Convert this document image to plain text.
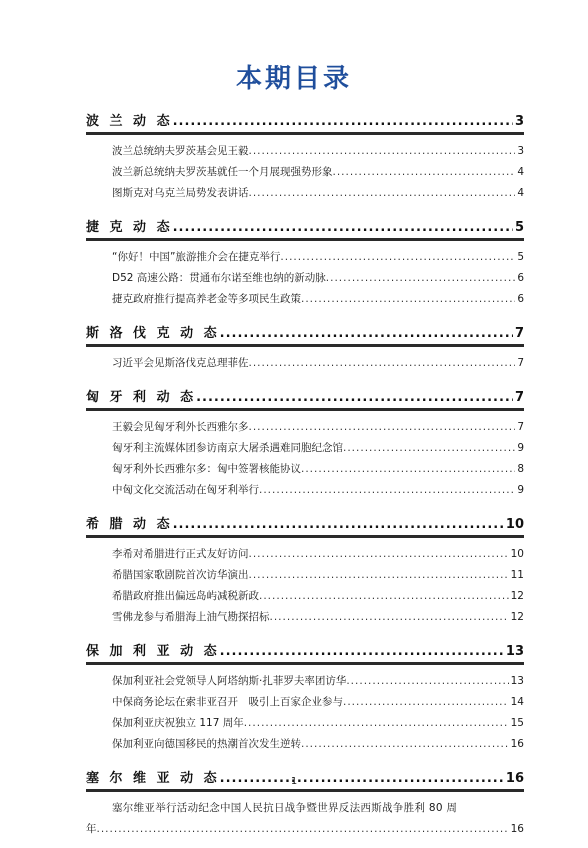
本期目录
波 兰 动 态 .....	3
波兰总统纳夫罗茨基会见王毅 .....	3
波兰新总统纳夫罗茨基就任一个月展现强势形象 .....	4
图斯克对乌克兰局势发表讲话 .....	4
捷 克 动 态 .....	5
“你好！中国”旅游推介会在捷克举行 .....	5
D52 高速公路：贯通布尔诺至维也纳的新动脉 .....	6
捷克政府推行提高养老金等多项民生政策 .....	6
斯 洛 伐 克 动 态 .....	7
习近平会见斯洛伐克总理菲佐 .....	7
匈 牙 利 动 态 .....	7
王毅会见匈牙利外长西雅尔多 .....	7
匈牙利主流媒体团参访南京大屠杀遇难同胞纪念馆 .....	9
匈牙利外长西雅尔多：匈中签署核能协议 .....	8
中匈文化交流活动在匈牙利举行 .....	9
希 腊 动 态 .....	10
李希对希腊进行正式友好访问 .....	10
希腊国家歌剧院首次访华演出 .....	11
希腊政府推出偏远岛屿减税新政 .....	12
雪佛龙参与希腊海上油气勘探招标 .....	12
保 加 利 亚 动 态 .....	13
保加利亚社会党领导人阿塔纳斯·扎菲罗夫率团访华 .....	13
中保商务论坛在索非亚召开　吸引上百家企业参与 .....	14
保加利亚庆祝独立 117 周年 .....	15
保加利亚向德国移民的热潮首次发生逆转 .....	16
塞 尔 维 亚 动 态 .....	16
塞尔维亚举行活动纪念中国人民抗日战争暨世界反法西斯战争胜利 80 周
年 .....	16
1
